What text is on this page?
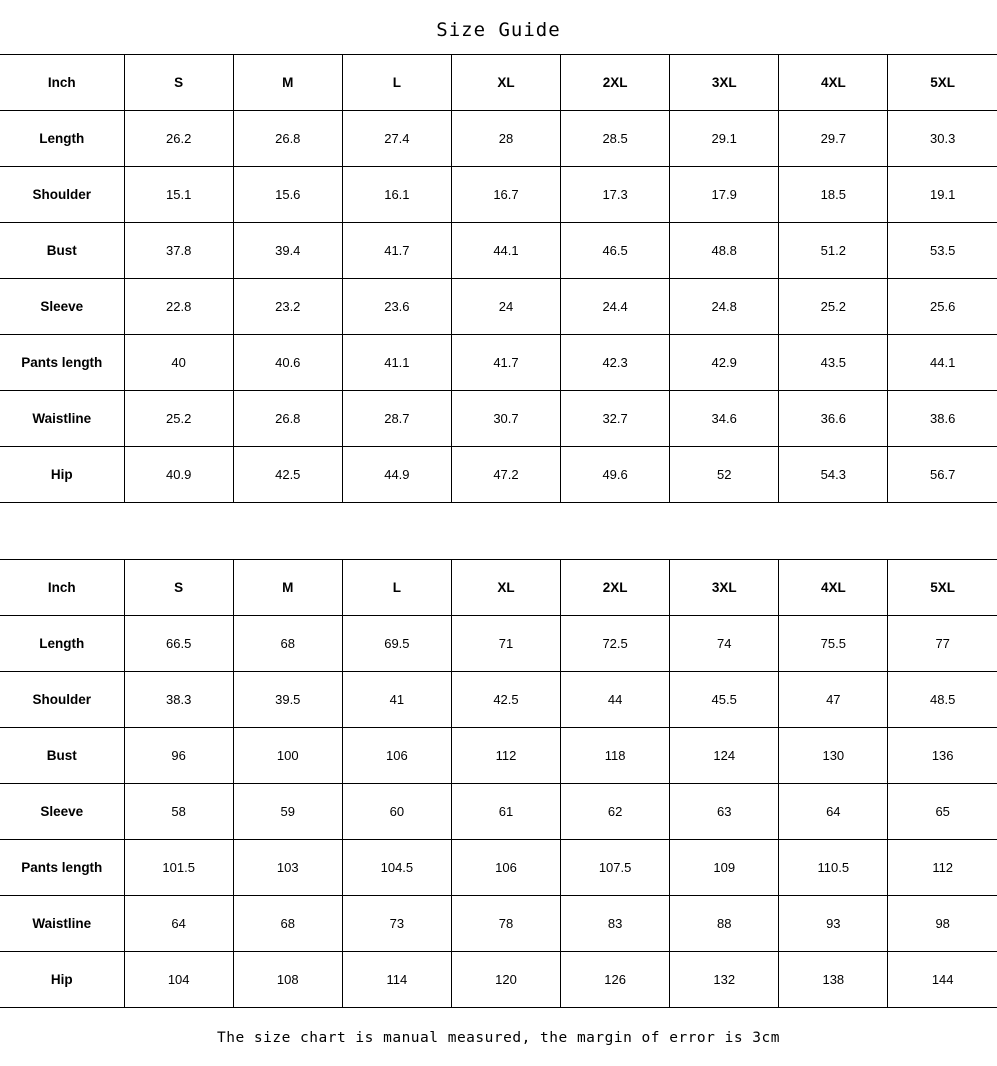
Size Guide
Inch	S	M	L	XL	2XL	3XL	4XL	5XL
Length	26.2	26.8	27.4	28	28.5	29.1	29.7	30.3
Shoulder	15.1	15.6	16.1	16.7	17.3	17.9	18.5	19.1
Bust	37.8	39.4	41.7	44.1	46.5	48.8	51.2	53.5
Sleeve	22.8	23.2	23.6	24	24.4	24.8	25.2	25.6
Pants length	40	40.6	41.1	41.7	42.3	42.9	43.5	44.1
Waistline	25.2	26.8	28.7	30.7	32.7	34.6	36.6	38.6
Hip	40.9	42.5	44.9	47.2	49.6	52	54.3	56.7
Inch	S	M	L	XL	2XL	3XL	4XL	5XL
Length	66.5	68	69.5	71	72.5	74	75.5	77
Shoulder	38.3	39.5	41	42.5	44	45.5	47	48.5
Bust	96	100	106	112	118	124	130	136
Sleeve	58	59	60	61	62	63	64	65
Pants length	101.5	103	104.5	106	107.5	109	110.5	112
Waistline	64	68	73	78	83	88	93	98
Hip	104	108	114	120	126	132	138	144
The size chart is manual measured, the margin of error is 3cm
